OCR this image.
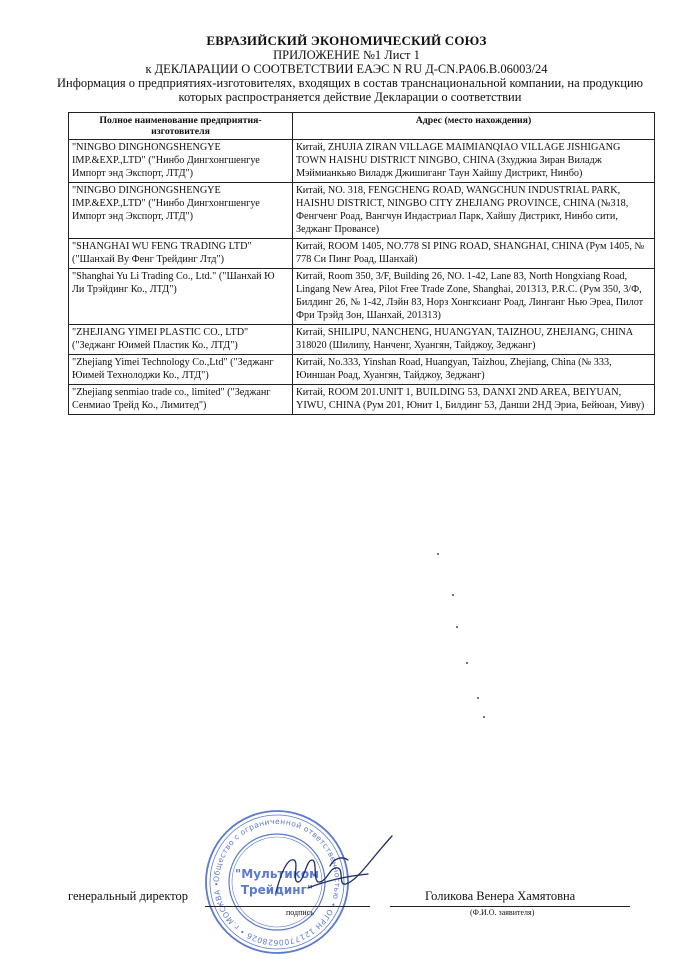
ЕВРАЗИЙСКИЙ ЭКОНОМИЧЕСКИЙ СОЮЗ
ПРИЛОЖЕНИЕ №1 Лист 1
к ДЕКЛАРАЦИИ О СООТВЕТСТВИИ ЕАЭС N RU Д-CN.PA06.B.06003/24
Информация о предприятиях-изготовителях, входящих в состав транснациональной компании, на продукцию которых распространяется действие Декларации о соответствии
Полное наименование предприятия-изготовителя	Адрес (место нахождения)
"NINGBO DINGHONGSHENGYE IMP.&EXP.,LTD" ("Нинбо Дингхонгшенгуе Импорт энд Экспорт, ЛТД")	Китай, ZHUJIA ZIRAN VILLAGE MAIMIANQIAO VILLAGE JISHIGANG TOWN HAISHU DISTRICT NINGBO, CHINA (Зхуджиа Зиран Виладж Мэймианкьяо Виладж Джишиганг Таун Хайшу Дистрикт, Нинбо)
"NINGBO DINGHONGSHENGYE IMP.&EXP.,LTD" ("Нинбо Дингхонгшенгуе Импорт энд Экспорт, ЛТД")	Китай, NO. 318, FENGCHENG ROAD, WANGCHUN INDUSTRIAL PARK, HAISHU DISTRICT, NINGBO CITY ZHEJIANG PROVINCE, CHINA (№318, Фенгченг Роад, Вангчун Индастриал Парк, Хайшу Дистрикт, Нинбо сити, Зеджанг Провансе)
"SHANGHAI WU FENG TRADING LTD" ("Шанхай Ву Фенг Трейдинг Лтд")	Китай, ROOM 1405, NO.778 SI PING ROAD, SHANGHAI, CHINA (Рум 1405, № 778 Си Пинг Роад, Шанхай)
"Shanghai Yu Li Trading Co., Ltd." ("Шанхай Ю Ли Трэйдинг Ко., ЛТД")	Китай, Room 350, 3/F, Building 26, NO. 1-42, Lane 83, North Hongxiang Road, Lingang New Area, Pilot Free Trade Zone, Shanghai, 201313, P.R.C. (Рум 350, 3/Ф, Билдинг 26, № 1-42, Лэйн 83, Норз Хонгксианг Роад, Линганг Нью Эреа, Пилот Фри Трэйд Зон, Шанхай, 201313)
"ZHEJIANG YIMEI PLASTIC CO., LTD" ("Зеджанг Юимей Пластик Ко., ЛТД")	Китай, SHILIPU, NANCHENG, HUANGYAN, TAIZHOU, ZHEJIANG, CHINA 318020 (Шилипу, Нанченг, Хуангян, Тайджоу, Зеджанг)
"Zhejiang Yimei Technology Co.,Ltd" ("Зеджанг Юимей Технолоджи Ко., ЛТД")	Китай, No.333, Yinshan Road, Huangyan, Taizhou, Zhejiang, China (№ 333, Юиншан Роад, Хуангян, Тайджоу, Зеджанг)
"Zhejiang senmiao trade co., limited" ("Зеджанг Сенмиао Трейд Ко., Лимитед")	Китай, ROOM 201.UNIT 1, BUILDING 53, DANXI 2ND AREA, BEIYUAN, YIWU, CHINA (Рум 201, Юнит 1, Билдинг 53, Данши 2НД Эриа, Бейюан, Уиву)
Общество с ограниченной ответственностью • ОГРН 1217700628026 • г.МОСКВА •
"Мультиком
Трейдинг"
генеральный директор
подпись
Голикова Венера Хамятовна
(Ф.И.О. заявителя)
